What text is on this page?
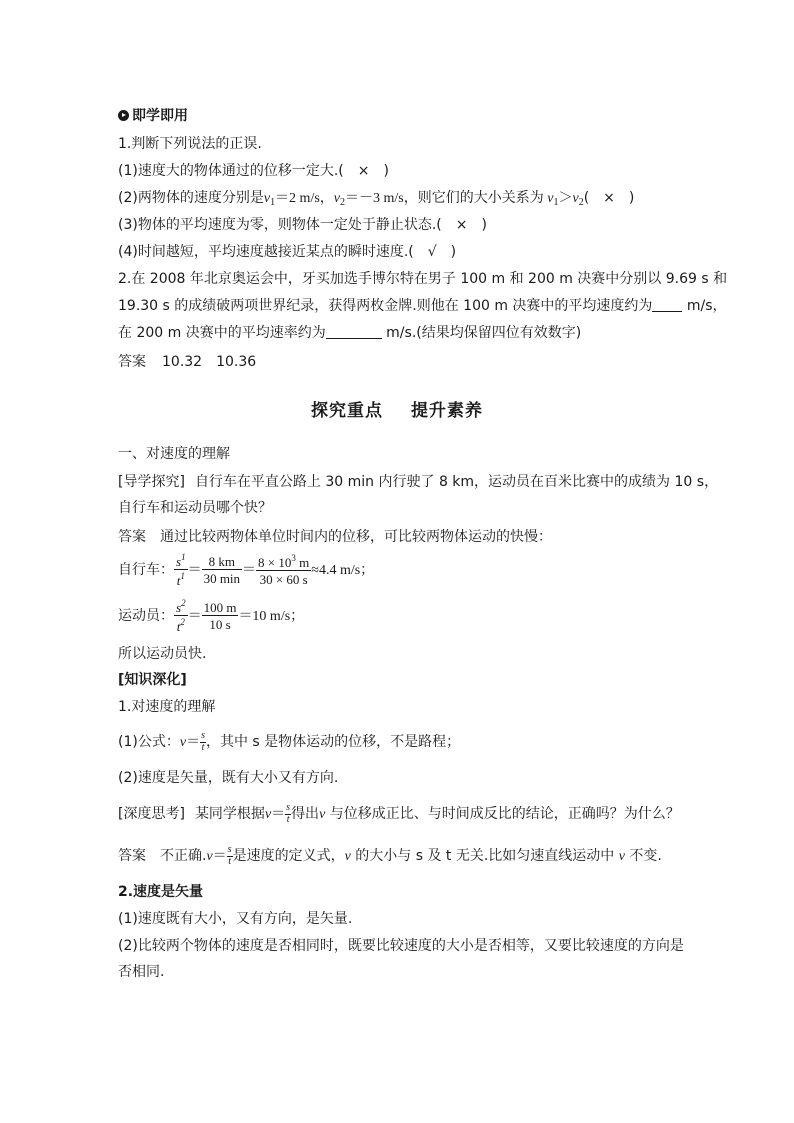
即学即用
1.判断下列说法的正误.
(1)速度大的物体通过的位移一定大.(　 ×　)
(2)两物体的速度分别是$v_1=2$ m/s，$v_2=-3$ m/s，则它们的大小关系为 $v_1>v_2$(　×　)
(3)物体的平均速度为零，则物体一定处于静止状态.(　 ×　)
(4)时间越短，平均速度越接近某点的瞬时速度.(　 √　)
2.在 2008 年北京奥运会中，牙买加选手博尔特在男子 100 m 和 200 m 决赛中分别以 9.69 s 和
19.30 s 的成绩破两项世界纪录，获得两枚金牌.则他在 100 m 决赛中的平均速度约为 m/s，
在 200 m 决赛中的平均速率约为	m/s.(结果均保留四位有效数字)
答案 10.32　10.36
探究重点 提升素养
一、对速度的理解
[导学探究] 自行车在平直公路上 30 min 内行驶了 8 km，运动员在百米比赛中的成绩为 10 s，
自行车和运动员哪个快？
答案 通过比较两物体单位时间内的位移，可比较两物体运动的快慢：
自行车： $\frac{s^1}{t^1} = \frac{8 km}{30 \min} = \frac{8 \times 10^3 m}{30 \times 60 s} \approx 4.4$ m/s；
运动员： $\frac{s^2}{t^2} = \frac{100 m}{10 s} =10$ m/s；
所以运动员快.
[知识深化]
1.对速度的理解
(1)公式：$v= \frac{s}{t}$ ，其中 s 是物体运动的位移，不是路程；
(2)速度是矢量，既有大小又有方向.
[深度思考] 某同学根据$v= \frac{s}{t}$ 得出v 与位移成正比、与时间成反比的结论，正确吗？为什么？
答案 不正确$.v= \frac{s}{t}$ 是速度的定义式，v 的大小与 s 及 t 无关.比如匀速直线运动中 v 不变.
2.速度是矢量
(1)速度既有大小，又有方向，是矢量.
(2)比较两个物体的速度是否相同时，既要比较速度的大小是否相等，又要比较速度的方向是
否相同.
